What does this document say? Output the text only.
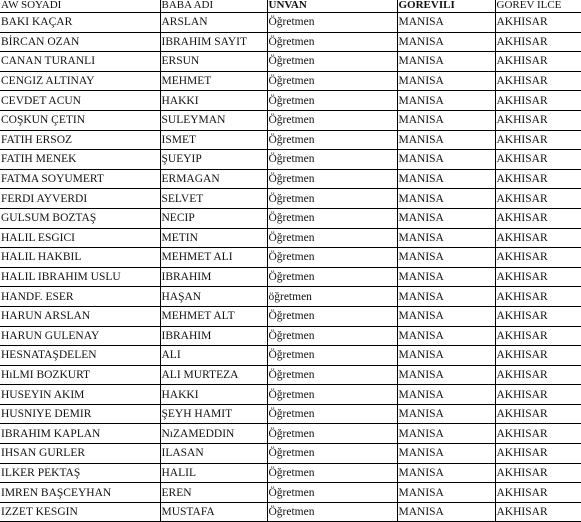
AW SOYADI	BABA ADI	UNVAN	GOREVILI	GOREV ILCE
BAKI KAÇAR	ARSLAN	Öğretmen	MANISA	AKHISAR
BİRCAN OZAN	IBRAHIM SAYIT	Öğretmen	MANISA	AKHISAR
CANAN TURANLI	ERSUN	Öğretmen	MANISA	AKHISAR
CENGIZ ALTINAY	MEHMET	Öğretmen	MANISA	AKHISAR
CEVDET ACUN	HAKKI	Öğretmen	MANISA	AKHISAR
COŞKUN ÇETIN	SULEYMAN	Öğretmen	MANISA	AKHISAR
FATIH ERSOZ	ISMET	Öğretmen	MANISA	AKHISAR
FATIH MENEK	ŞUEYIP	Öğretmen	MANISA	AKHISAR
FATMA SOYUMERT	ERMAGAN	Öğretmen	MANISA	AKHISAR
FERDI AYVERDI	SELVET	Öğretmen	MANISA	AKHISAR
GULSUM BOZTAŞ	NECIP	Öğretmen	MANISA	AKHISAR
HALIL ESGICI	METIN	Öğretmen	MANISA	AKHISAR
HALIL HAKBIL	MEHMET ALI	Öğretmen	MANISA	AKHISAR
HALIL IBRAHIM USLU	IBRAHIM	Öğretmen	MANISA	AKHISAR
HANDF. ESER	HAŞAN	öğretmen	MANISA	AKHISAR
HARUN ARSLAN	MEHMET ALT	Öğretmen	MANISA	AKHISAR
HARUN GULENAY	IBRAHIM	Öğretmen	MANISA	AKHISAR
HESNATAŞDELEN	ALI	Öğretmen	MANISA	AKHISAR
HıLMI BOZKURT	ALI MURTEZA	Öğretmen	MANISA	AKHISAR
HUSEYIN AKIM	HAKKI	Öğretmen	MANISA	AKHISAR
HUSNIYE DEMIR	ŞEYH HAMIT	Öğretmen	MANISA	AKHISAR
IBRAHIM KAPLAN	NıZAMEDDIN	Öğretmen	MANISA	AKHISAR
IHSAN GURLER	ILASAN	Öğretmen	MANISA	AKHISAR
ILKER PEKTAŞ	HALIL	Öğretmen	MANISA	AKHISAR
IMREN BAŞCEYHAN	EREN	Öğretmen	MANISA	AKHISAR
IZZET KESGIN	MUSTAFA	Öğretmen	MANISA	AKHISAR
